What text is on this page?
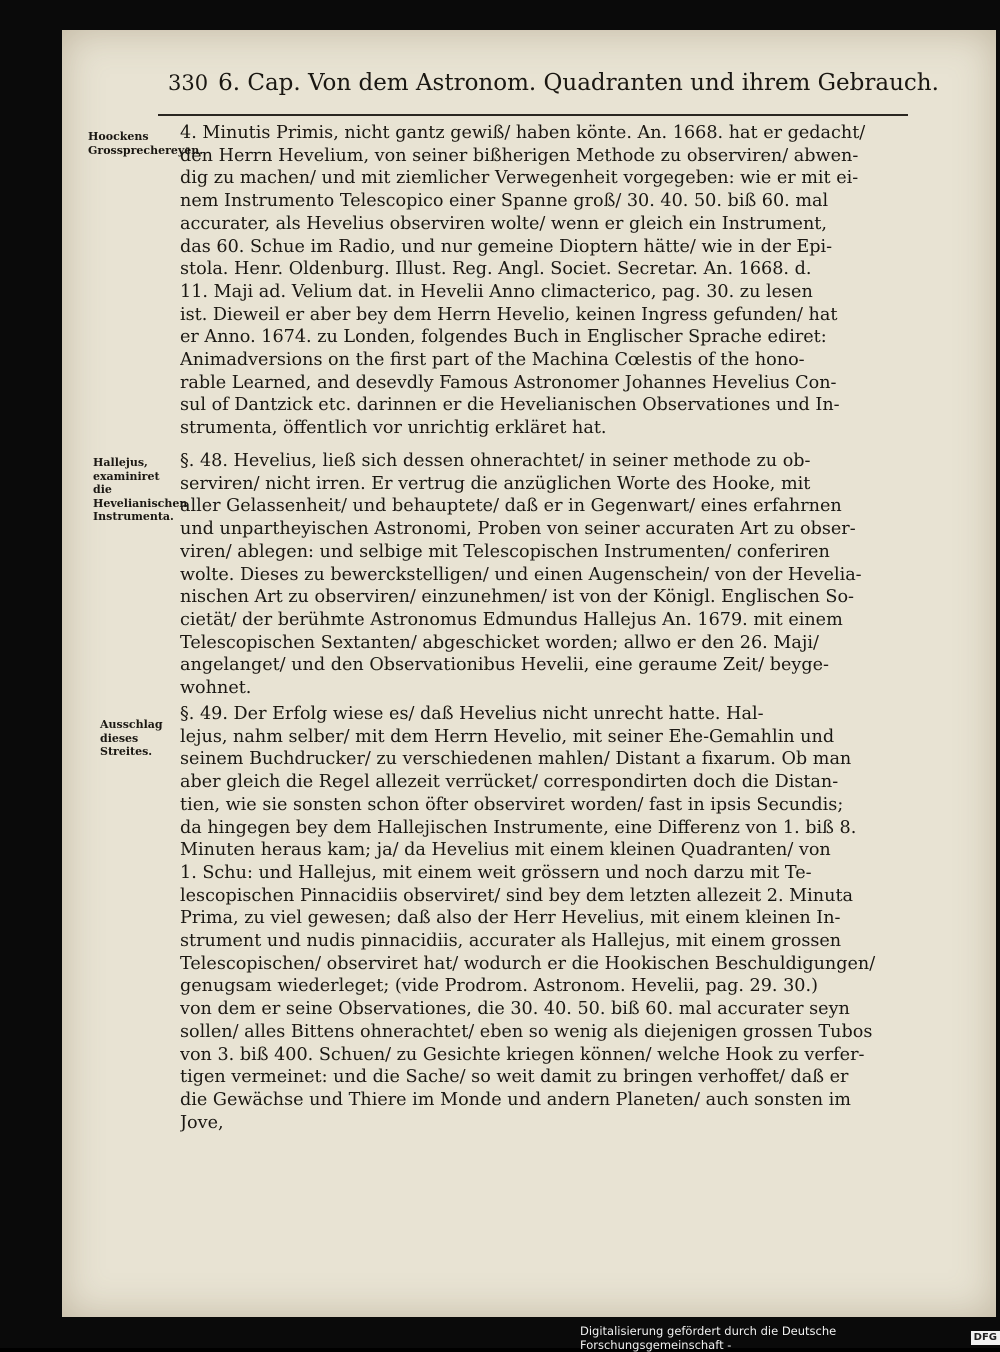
330 6. Cap. Von dem Astronom. Quadranten und ihrem Gebrauch.
Hoockens Grossprechereyen.
Hallejus, examiniret die Hevelianischen Instrumenta.
Ausschlag dieses Streites.
4. Minutis Primis, nicht gantz gewiß/ haben könte. An. 1668. hat er gedacht/
den Herrn Hevelium, von seiner bißherigen Methode zu observiren/ abwen-
dig zu machen/ und mit ziemlicher Verwegenheit vorgegeben: wie er mit ei-
nem Instrumento Telescopico einer Spanne groß/ 30. 40. 50. biß 60. mal
accurater, als Hevelius observiren wolte/ wenn er gleich ein Instrument,
das 60. Schue im Radio, und nur gemeine Dioptern hätte/ wie in der Epi-
stola. Henr. Oldenburg. Illust. Reg. Angl. Societ. Secretar. An. 1668. d.
11. Maji ad. Velium dat. in Hevelii Anno climacterico, pag. 30. zu lesen
ist. Dieweil er aber bey dem Herrn Hevelio, keinen Ingress gefunden/ hat
er Anno. 1674. zu Londen, folgendes Buch in Englischer Sprache ediret:
Animadversions on the first part of the Machina Cœlestis of the hono-
rable Learned, and desevdly Famous Astronomer Johannes Hevelius Con-
sul of Dantzick etc. darinnen er die Hevelianischen Observationes und In-
strumenta, öffentlich vor unrichtig erkläret hat.
§. 48. Hevelius, ließ sich dessen ohnerachtet/ in seiner methode zu ob-
serviren/ nicht irren. Er vertrug die anzüglichen Worte des Hooke, mit
aller Gelassenheit/ und behauptete/ daß er in Gegenwart/ eines erfahrnen
und unpartheyischen Astronomi, Proben von seiner accuraten Art zu obser-
viren/ ablegen: und selbige mit Telescopischen Instrumenten/ conferiren
wolte. Dieses zu bewerckstelligen/ und einen Augenschein/ von der Hevelia-
nischen Art zu observiren/ einzunehmen/ ist von der Königl. Englischen So-
cietät/ der berühmte Astronomus Edmundus Hallejus An. 1679. mit einem
Telescopischen Sextanten/ abgeschicket worden; allwo er den 26. Maji/
angelanget/ und den Observationibus Hevelii, eine geraume Zeit/ beyge-
wohnet.
§. 49. Der Erfolg wiese es/ daß Hevelius nicht unrecht hatte. Hal-
lejus, nahm selber/ mit dem Herrn Hevelio, mit seiner Ehe-Gemahlin und
seinem Buchdrucker/ zu verschiedenen mahlen/ Distant a fixarum. Ob man
aber gleich die Regel allezeit verrücket/ correspondirten doch die Distan-
tien, wie sie sonsten schon öfter observiret worden/ fast in ipsis Secundis;
da hingegen bey dem Hallejischen Instrumente, eine Differenz von 1. biß 8.
Minuten heraus kam; ja/ da Hevelius mit einem kleinen Quadranten/ von
1. Schu: und Hallejus, mit einem weit grössern und noch darzu mit Te-
lescopischen Pinnacidiis observiret/ sind bey dem letzten allezeit 2. Minuta
Prima, zu viel gewesen; daß also der Herr Hevelius, mit einem kleinen In-
strument und nudis pinnacidiis, accurater als Hallejus, mit einem grossen
Telescopischen/ observiret hat/ wodurch er die Hookischen Beschuldigungen/
genugsam wiederleget; (vide Prodrom. Astronom. Hevelii, pag. 29. 30.)
von dem er seine Observationes, die 30. 40. 50. biß 60. mal accurater seyn
sollen/ alles Bittens ohnerachtet/ eben so wenig als diejenigen grossen Tubos
von 3. biß 400. Schuen/ zu Gesichte kriegen können/ welche Hook zu verfer-
tigen vermeinet: und die Sache/ so weit damit zu bringen verhoffet/ daß er
die Gewächse und Thiere im Monde und andern Planeten/ auch sonsten im
Jove,
Digitalisierung gefördert durch die Deutsche Forschungsgemeinschaft -
DFG
